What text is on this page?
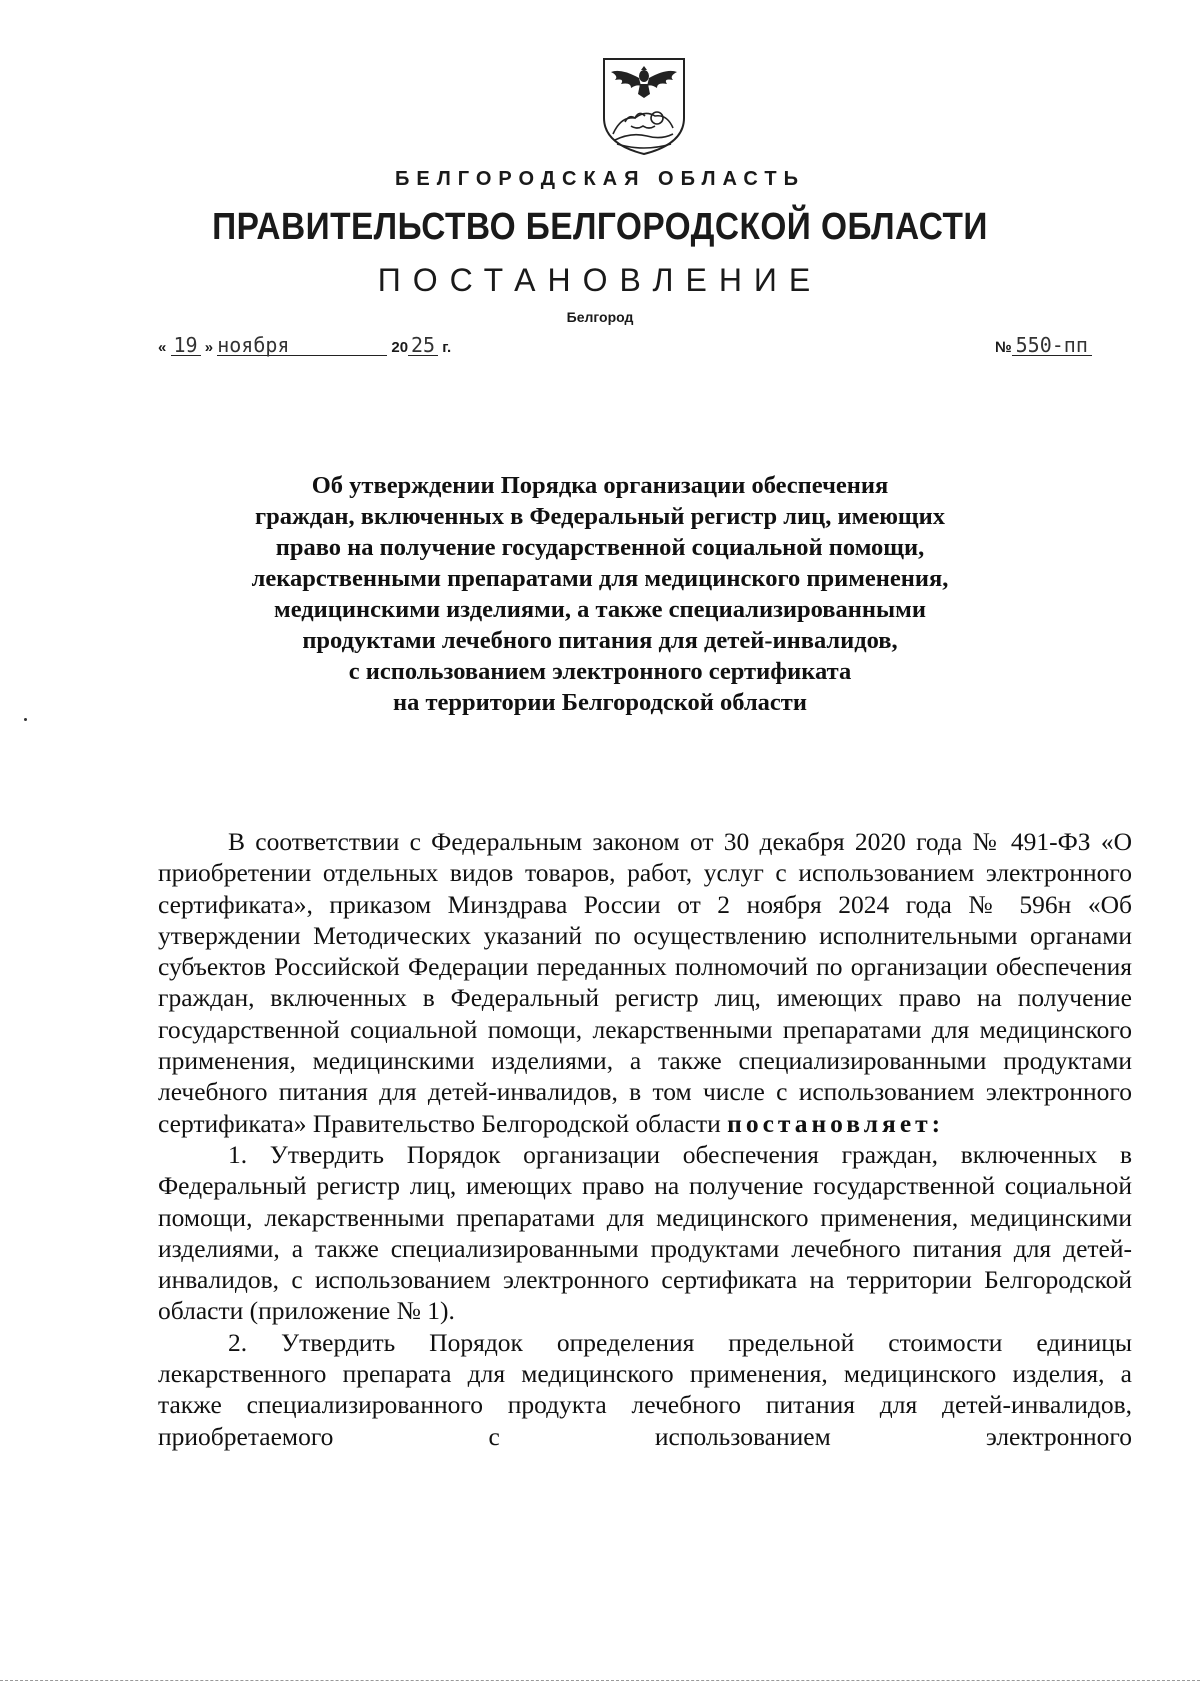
БЕЛГОРОДСКАЯ ОБЛАСТЬ
ПРАВИТЕЛЬСТВО БЕЛГОРОДСКОЙ ОБЛАСТИ
ПОСТАНОВЛЕНИЕ
Белгород
« 19 » ноября	20 25 г.	№ 550-пп
Об утверждении Порядка организации обеспечения
граждан, включенных в Федеральный регистр лиц, имеющих
право на получение государственной социальной помощи,
лекарственными препаратами для медицинского применения,
медицинскими изделиями, а также специализированными
продуктами лечебного питания для детей-инвалидов,
с использованием электронного сертификата
на территории Белгородской области

В соответствии с Федеральным законом от 30 декабря 2020 года № 491-ФЗ «О приобретении отдельных видов товаров, работ, услуг с использованием электронного сертификата», приказом Минздрава России от 2 ноября 2024 года № 596н «Об утверждении Методических указаний по осуществлению исполнительными органами субъектов Российской Федерации переданных полномочий по организации обеспечения граждан, включенных в Федеральный регистр лиц, имеющих право на получение государственной социальной помощи, лекарственными препаратами для медицинского применения, медицинскими изделиями, а также специализированными продуктами лечебного питания для детей-инвалидов, в том числе с использованием электронного сертификата» Правительство Белгородской области постановляет:

1. Утвердить Порядок организации обеспечения граждан, включенных в Федеральный регистр лиц, имеющих право на получение государственной социальной помощи, лекарственными препаратами для медицинского применения, медицинскими изделиями, а также специализированными продуктами лечебного питания для детей-инвалидов, с использованием электронного сертификата на территории Белгородской области (приложение № 1).

2. Утвердить Порядок определения предельной стоимости единицы лекарственного препарата для медицинского применения, медицинского изделия, а также специализированного продукта лечебного питания для детей-инвалидов, приобретаемого с использованием электронного
